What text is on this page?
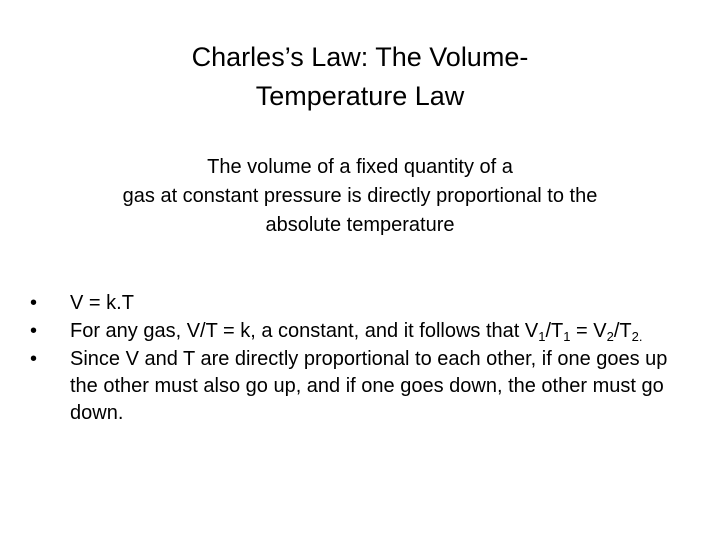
Charles’s Law: The Volume-
Temperature Law
The volume of a fixed quantity of a
gas at constant pressure is directly proportional to the
absolute temperature
•	V = k.T
•	For any gas, V/T = k, a constant, and it follows that $V_1/T_1 = V_2/T_{2.}$
•	Since V and T are directly proportional to each other, if one goes up the other must also go up, and if one goes down, the other must go down.
